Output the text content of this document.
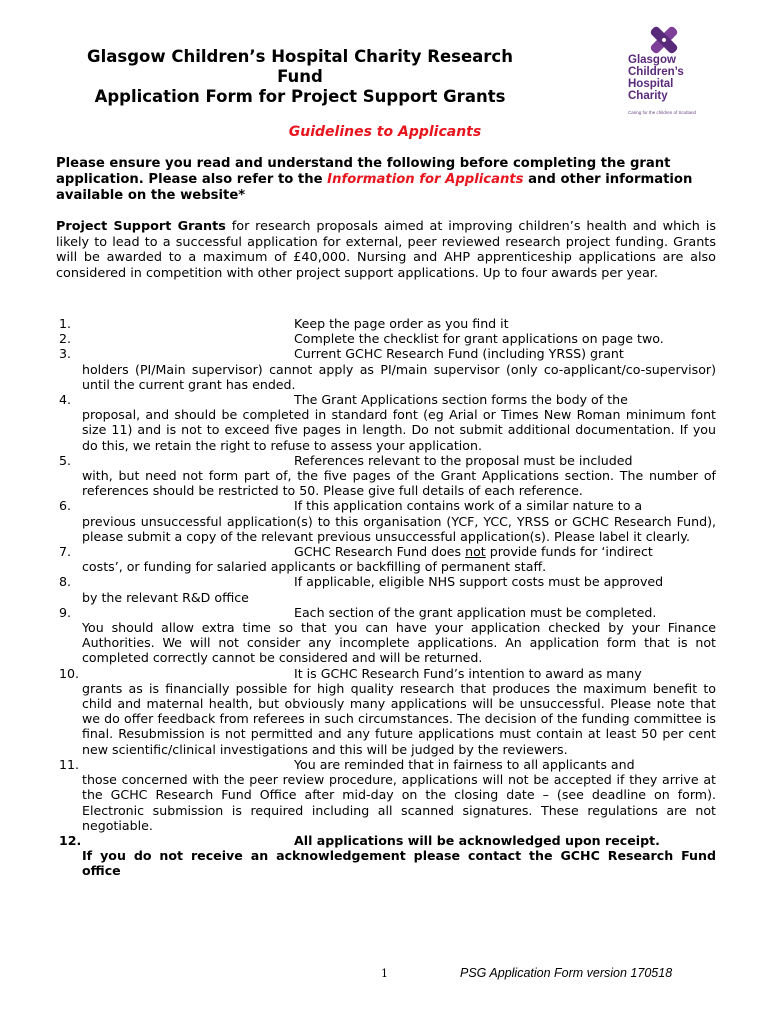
Glasgow Children’s Hospital Charity Research
Fund
Application Form for Project Support Grants
Glasgow
Children’s
Hospital
Charity
Caring for the children of Scotland
Guidelines to Applicants
Please ensure you read and understand the following before completing the grant application. Please also refer to the Information for Applicants and other information available on the website*
Project Support Grants for research proposals aimed at improving children’s health and which is likely to lead to a successful application for external, peer reviewed research project funding. Grants will be awarded to a maximum of £40,000. Nursing and AHP apprenticeship applications are also considered in competition with other project support applications. Up to four awards per year.
1.	Keep the page order as you find it
2.	Complete the checklist for grant applications on page two.
3.	Current GCHC Research Fund (including YRSS) grant
holders (PI/Main supervisor) cannot apply as PI/main supervisor (only co-applicant/co-supervisor) until the current grant has ended.
4.	The Grant Applications section forms the body of the
proposal, and should be completed in standard font (eg Arial or Times New Roman minimum font size 11) and is not to exceed five pages in length. Do not submit additional documentation. If you do this, we retain the right to refuse to assess your application.
5.	References relevant to the proposal must be included
with, but need not form part of, the five pages of the Grant Applications section. The number of references should be restricted to 50. Please give full details of each reference.
6.	If this application contains work of a similar nature to a
previous unsuccessful application(s) to this organisation (YCF, YCC, YRSS or GCHC Research Fund), please submit a copy of the relevant previous unsuccessful application(s). Please label it clearly.
7.	GCHC Research Fund does not provide funds for ‘indirect
costs’, or funding for salaried applicants or backfilling of permanent staff.
8.	If applicable, eligible NHS support costs must be approved
by the relevant R&D office
9.	Each section of the grant application must be completed.
You should allow extra time so that you can have your application checked by your Finance Authorities. We will not consider any incomplete applications. An application form that is not completed correctly cannot be considered and will be returned.
10.	It is GCHC Research Fund’s intention to award as many
grants as is financially possible for high quality research that produces the maximum benefit to child and maternal health, but obviously many applications will be unsuccessful. Please note that we do offer feedback from referees in such circumstances. The decision of the funding committee is final. Resubmission is not permitted and any future applications must contain at least 50 per cent new scientific/clinical investigations and this will be judged by the reviewers.
11.	You are reminded that in fairness to all applicants and
those concerned with the peer review procedure, applications will not be accepted if they arrive at the GCHC Research Fund Office after mid-day on the closing date – (see deadline on form). Electronic submission is required including all scanned signatures. These regulations are not negotiable.
12.	All applications will be acknowledged upon receipt.
If you do not receive an acknowledgement please contact the GCHC Research Fund office
1	PSG Application Form version 170518
